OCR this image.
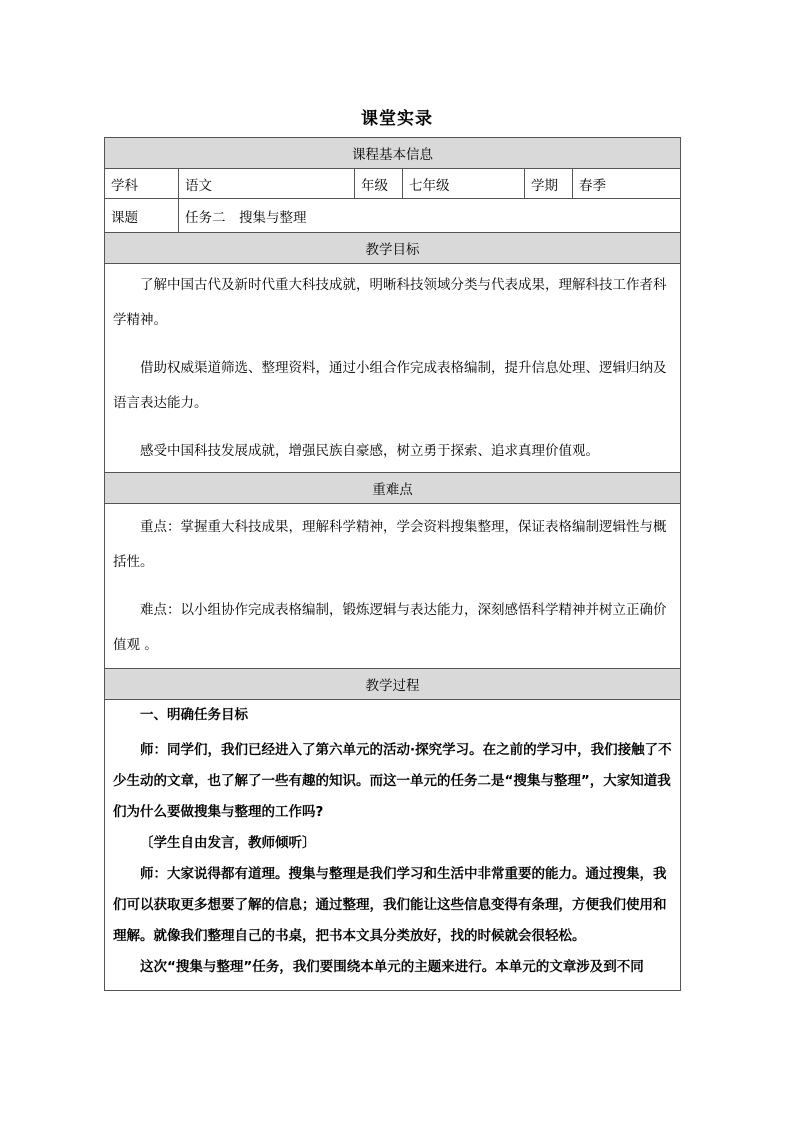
课堂实录
课程基本信息					
学科	语文	年级	七年级	学期	春季
课题	任务二　搜集与整理				
教学目标					

了解中国古代及新时代重大科技成就，明晰科技领域分类与代表成果，理解科技工作者科学精神。

借助权威渠道筛选、整理资料，通过小组合作完成表格编制，提升信息处理、逻辑归纳及语言表达能力。

感受中国科技发展成就，增强民族自豪感，树立勇于探索、追求真理价值观。					

重难点					

重点：掌握重大科技成果，理解科学精神，学会资料搜集整理，保证表格编制逻辑性与概括性。

难点：以小组协作完成表格编制，锻炼逻辑与表达能力，深刻感悟科学精神并树立正确价值观 。					

教学过程					

一、明确任务目标

师：同学们，我们已经进入了第六单元的活动·探究学习。在之前的学习中，我们接触了不少生动的文章，也了解了一些有趣的知识。而这一单元的任务二是“搜集与整理”，大家知道我们为什么要做搜集与整理的工作吗?

〔学生自由发言，教师倾听〕

师：大家说得都有道理。搜集与整理是我们学习和生活中非常重要的能力。通过搜集，我们可以获取更多想要了解的信息；通过整理，我们能让这些信息变得有条理，方便我们使用和理解。就像我们整理自己的书桌，把书本文具分类放好，找的时候就会很轻松。

这次“搜集与整理”任务，我们要围绕本单元的主题来进行。本单元的文章涉及到不同					
